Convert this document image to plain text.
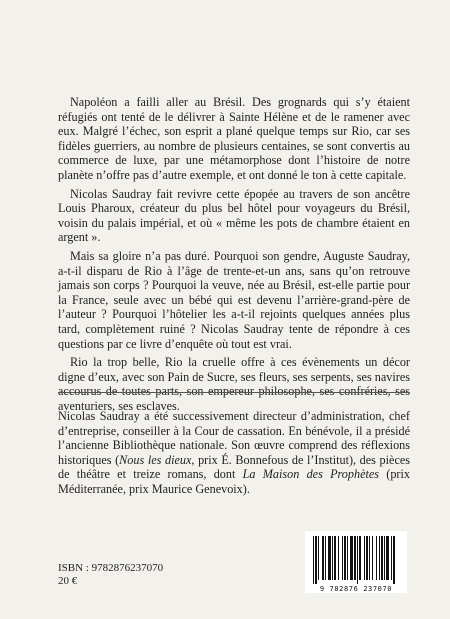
Napoléon a failli aller au Brésil. Des grognards qui s’y étaient réfugiés ont tenté de le délivrer à Sainte Hélène et de le ramener avec eux. Malgré l’échec, son esprit a plané quelque temps sur Rio, car ses fidèles guerriers, au nombre de plusieurs centaines, se sont convertis au commerce de luxe, par une métamorphose dont l’histoire de notre planète n’offre pas d’autre exemple, et ont donné le ton à cette capitale.

Nicolas Saudray fait revivre cette épopée au travers de son ancêtre Louis Pharoux, créateur du plus bel hôtel pour voyageurs du Brésil, voisin du palais impérial, et où « même les pots de chambre étaient en argent ».

Mais sa gloire n’a pas duré. Pourquoi son gendre, Auguste Saudray, a-t-il disparu de Rio à l’âge de trente-et-un ans, sans qu’on retrouve jamais son corps ? Pourquoi la veuve, née au Brésil, est-elle partie pour la France, seule avec un bébé qui est devenu l’arrière-grand-père de l’auteur ? Pourquoi l’hôtelier les a-t-il rejoints quelques années plus tard, complètement ruiné ? Nicolas Saudray tente de répondre à ces questions par ce livre d’enquête où tout est vrai.

Rio la trop belle, Rio la cruelle offre à ces évènements un décor digne d’eux, avec son Pain de Sucre, ses fleurs, ses serpents, ses navires accourus de toutes parts, son empereur philosophe, ses confréries, ses aventuriers, ses esclaves.

Nicolas Saudray a été successivement directeur d’administration, chef d’entreprise, conseiller à la Cour de cassation. En bénévole, il a présidé l’ancienne Bibliothèque nationale. Son œuvre comprend des réflexions historiques (Nous les dieux, prix É. Bonnefous de l’Institut), des pièces de théâtre et treize romans, dont La Maison des Prophètes (prix Méditerranée, prix Maurice Genevoix).

ISBN : 9782876237070
20 €
9 782876 237070
